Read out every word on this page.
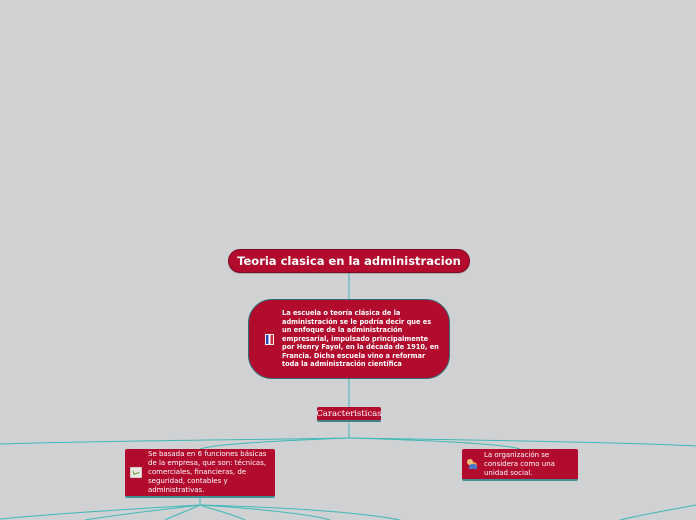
Teoria clasica en la administracion
La escuela o teoría clásica de la administración se le podría decir que es un enfoque de la administración empresarial, impulsado principalmente por Henry Fayol, en la década de 1910, en Francia. Dicha escuela vino a reformar toda la administración científica
Caracteristicas
Se basada en 6 funciones básicas de la empresa, que son: técnicas, comerciales, financieras, de seguridad, contables y administrativas.
La organización se considera como una unidad social.
